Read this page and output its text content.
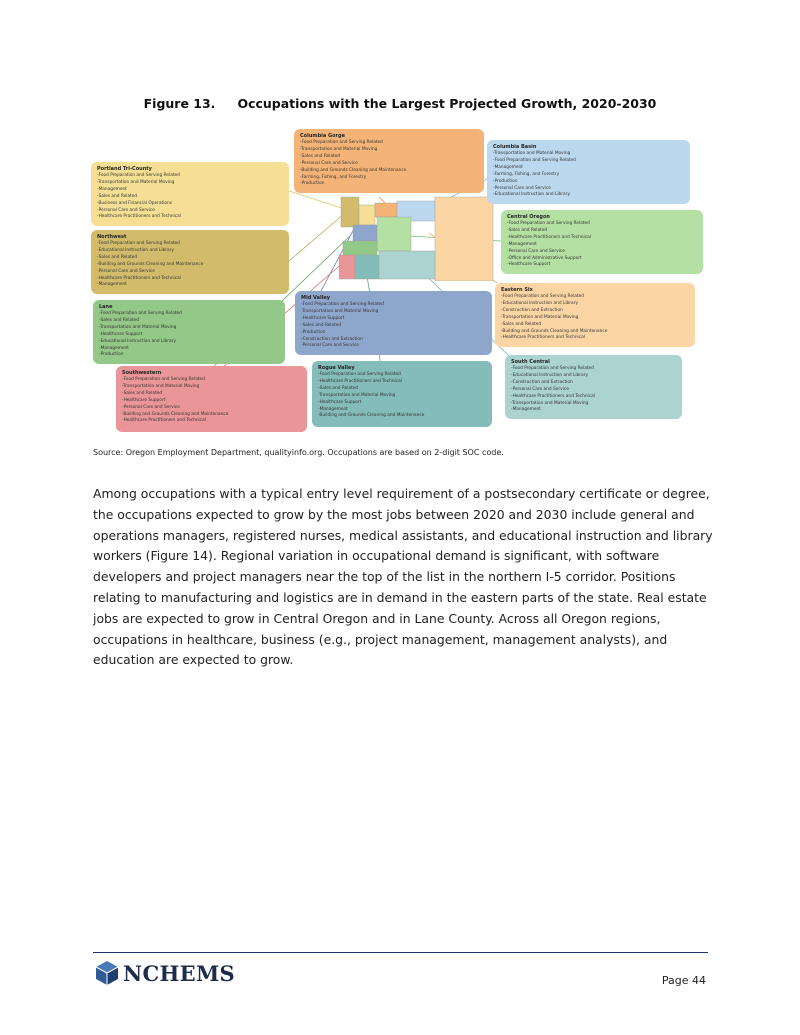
Figure 13. Occupations with the Largest Projected Growth, 2020-2030
Portland Tri-County
- Food Preparation and Serving Related
- Transportation and Material Moving
- Management
- Sales and Related
- Business and Financial Operations
- Personal Care and Service
- Healthcare Practitioners and Technical
Columbia Gorge
- Food Preparation and Serving Related
- Transportation and Material Moving
- Sales and Related
- Personal Care and Service
- Building and Grounds Cleaning and Maintenance
- Farming, Fishing, and Forestry
- Production
Columbia Basin
- Transportation and Material Moving
- Food Preparation and Serving Related
- Management
- Farming, Fishing, and Forestry
- Production
- Personal Care and Service
- Educational Instruction and Library
Northwest
- Food Preparation and Serving Related
- Educational Instruction and Library
- Sales and Related
- Building and Grounds Cleaning and Maintenance
- Personal Care and Service
- Healthcare Practitioners and Technical
- Management
Central Oregon
- Food Preparation and Serving Related
- Sales and Related
- Healthcare Practitioners and Technical
- Management
- Personal Care and Service
- Office and Administrative Support
- Healthcare Support
Lane
- Food Preparation and Serving Related
- Sales and Related
- Transportation and Material Moving
- Healthcare Support
- Educational Instruction and Library
- Management
- Production
Mid Valley
- Food Preparation and Serving Related
- Transportation and Material Moving
- Healthcare Support
- Sales and Related
- Production
- Construction and Extraction
- Personal Care and Service
Eastern Six
- Food Preparation and Serving Related
- Educational Instruction and Library
- Construction and Extraction
- Transportation and Material Moving
- Sales and Related
- Building and Grounds Cleaning and Maintenance
- Healthcare Practitioners and Technical
South Central
- Food Preparation and Serving Related
- Educational Instruction and Library
- Construction and Extraction
- Personal Care and Service
- Healthcare Practitioners and Technical
- Transportation and Material Moving
- Management
Southwestern
- Food Preparation and Serving Related
- Transportation and Material Moving
- Sales and Related
- Healthcare Support
- Personal Care and Service
- Building and Grounds Cleaning and Maintenance
- Healthcare Practitioners and Technical
Rogue Valley
- Food Preparation and Serving Related
- Healthcare Practitioners and Technical
- Sales and Related
- Transportation and Material Moving
- Healthcare Support
- Management
- Building and Grounds Cleaning and Maintenance
Source: Oregon Employment Department, qualityinfo.org. Occupations are based on 2-digit SOC code.

Among occupations with a typical entry level requirement of a postsecondary certificate or degree, the occupations expected to grow by the most jobs between 2020 and 2030 include general and operations managers, registered nurses, medical assistants, and educational instruction and library workers (Figure 14). Regional variation in occupational demand is significant, with software developers and project managers near the top of the list in the northern I-5 corridor. Positions relating to manufacturing and logistics are in demand in the eastern parts of the state. Real estate jobs are expected to grow in Central Oregon and in Lane County. Across all Oregon regions, occupations in healthcare, business (e.g., project management, management analysts), and education are expected to grow.

NCHEMS	Page 44
